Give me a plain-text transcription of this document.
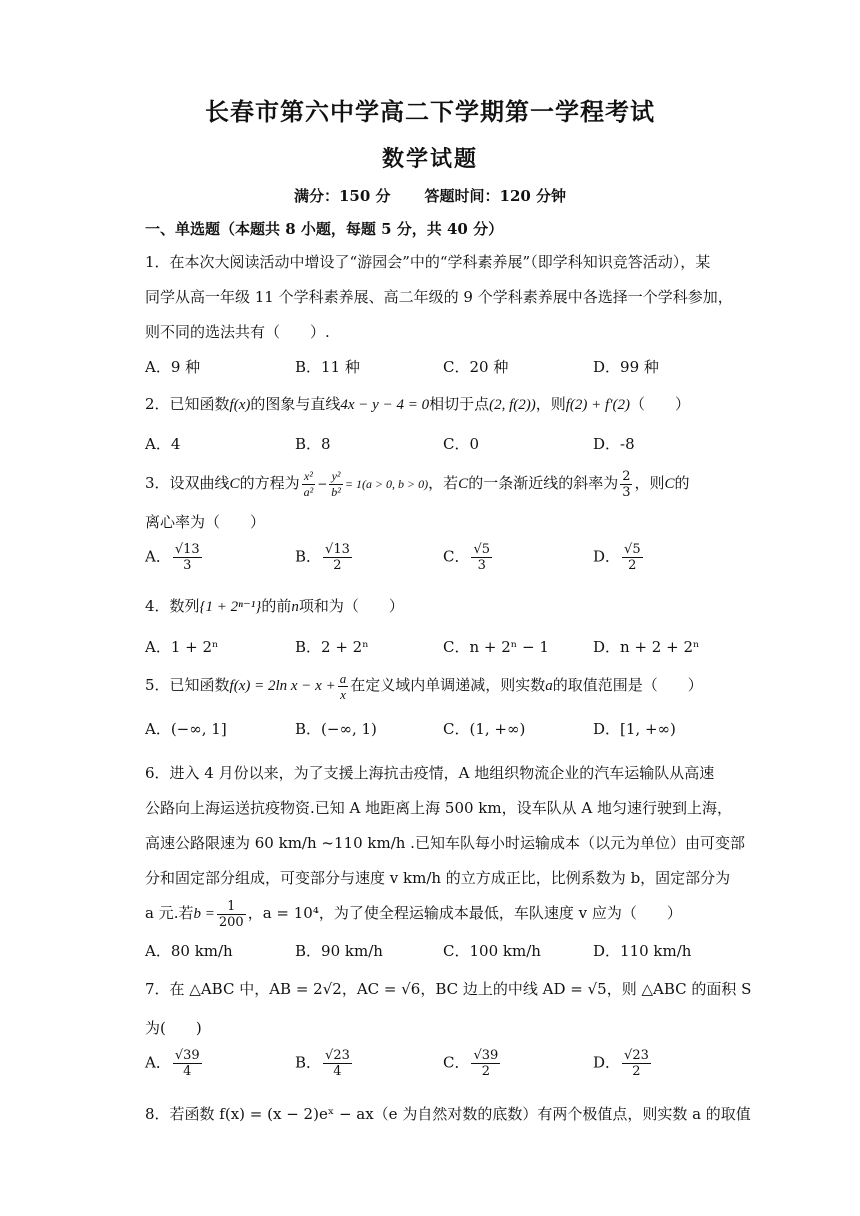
长春市第六中学高二下学期第一学程考试
数学试题
满分：150 分 答题时间：120 分钟
一、单选题（本题共 8 小题，每题 5 分，共 40 分）
1．在本次大阅读活动中增设了“游园会”中的“学科素养展”（即学科知识竞答活动），某
同学从高一年级 11 个学科素养展、高二年级的 9 个学科素养展中各选择一个学科参加，
则不同的选法共有（　　）.
A．9 种	B．11 种	C．20 种	D．99 种
2．已知函数f(x)的图象与直线4x − y − 4 = 0相切于点(2, f(2))，则f(2) + f′(2)（　　）
A．4	B．8	C．0	D．-8
3．设双曲线C的方程为 $\frac{\text{x²}}{\text{a²}} - \frac{\text{y²}}{\text{b²}} = 1(a > 0$, b > 0)，若C的一条渐近线的斜率为 $\frac{2}{3}$ ，则C的
离心率为（　　）
A． $\frac{√13}{3}$	B． $\frac{√13}{2}$	C． $\frac{√5}{3}$	D． $\frac{√5}{2}$
4．数列{1 + 2ⁿ⁻¹}的前n项和为（　　）
A．1 + 2ⁿ	B．2 + 2ⁿ	C．n + 2ⁿ − 1	D．n + 2 + 2ⁿ
5．已知函数f(x) = 2ln $x - x + \frac{a}{x}$ 在定义域内单调递减，则实数a的取值范围是（　　）
A．(−∞, 1]	B．(−∞, 1)	C．(1, +∞)	D．[1, +∞)
6．进入 4 月份以来，为了支援上海抗击疫情，A 地组织物流企业的汽车运输队从高速
公路向上海运送抗疫物资.已知 A 地距离上海 500 km，设车队从 A 地匀速行驶到上海，
高速公路限速为 60 km/h ~110 km/h .已知车队每小时运输成本（以元为单位）由可变部
分和固定部分组成，可变部分与速度 v km/h 的立方成正比，比例系数为 b，固定部分为
a 元.若$b = \frac{1}{200}$ ，a = 10⁴，为了使全程运输成本最低，车队速度 v 应为（　　）
A．80 km/h	B．90 km/h	C．100 km/h	D．110 km/h
7．在 △ABC 中，AB = 2√2，AC = √6，BC 边上的中线 AD = √5，则 △ABC 的面积 S
为(　　)
A． $\frac{√39}{4}$	B． $\frac{√23}{4}$	C． $\frac{√39}{2}$	D． $\frac{√23}{2}$
8．若函数 f(x) = (x − 2)eˣ − ax（e 为自然对数的底数）有两个极值点，则实数 a 的取值
